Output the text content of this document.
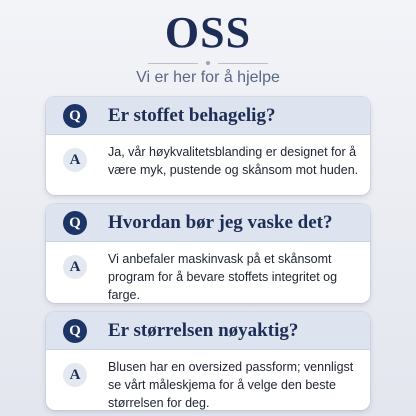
OSS

Vi er her for å hjelpe

Q	Er stoffet behagelig?
A	Ja, vår høykvalitetsblanding er designet for å være myk, pustende og skånsom mot huden.

Q	Hvordan bør jeg vaske det?
A	Vi anbefaler maskinvask på et skånsomt program for å bevare stoffets integritet og farge.

Q	Er størrelsen nøyaktig?
A	Blusen har en oversized passform; vennligst se vårt måleskjema for å velge den beste størrelsen for deg.
